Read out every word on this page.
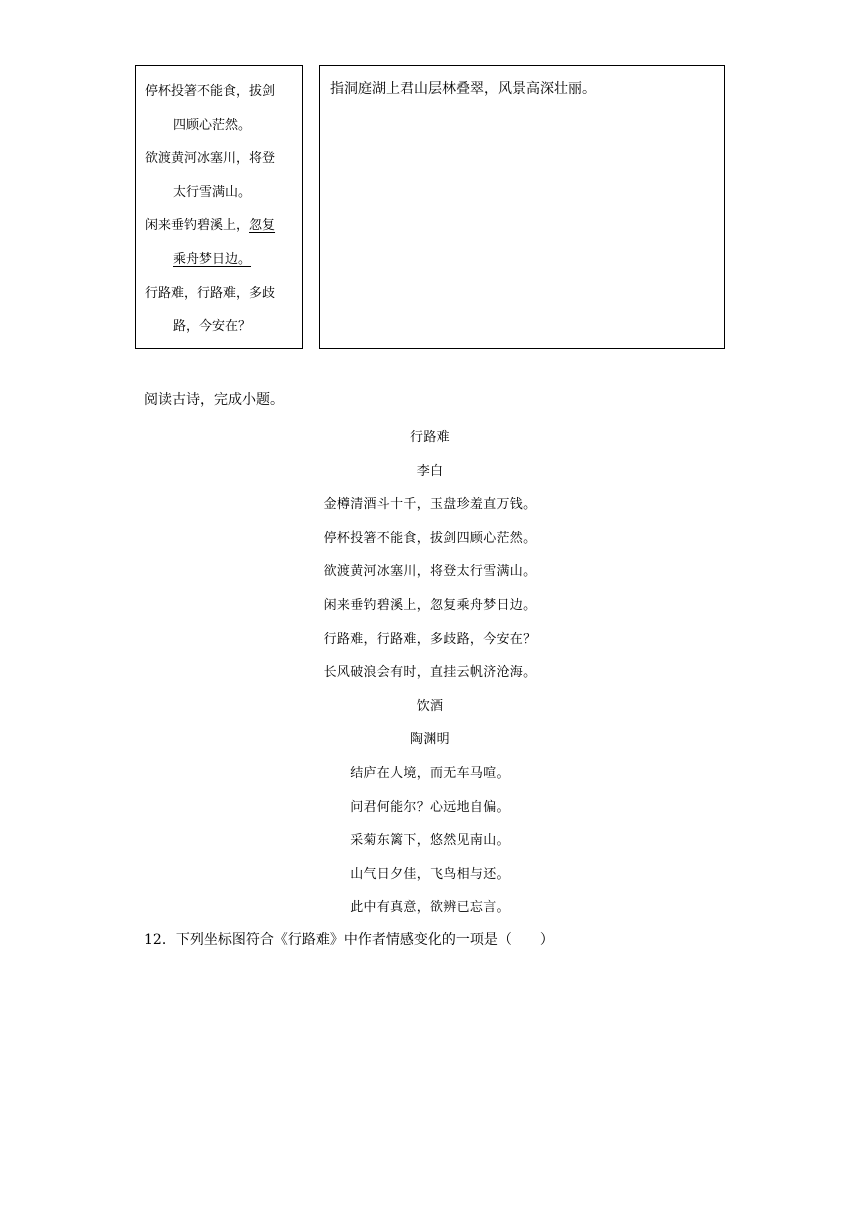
停杯投箸不能食，拔剑
四顾心茫然。
欲渡黄河冰塞川，将登
太行雪满山。
闲来垂钓碧溪上，忽复
乘舟梦日边。
行路难，行路难，多歧
路，今安在？
指洞庭湖上君山层林叠翠，风景高深壮丽。
阅读古诗，完成小题。
行路难
李白
金樽清酒斗十千，玉盘珍羞直万钱。
停杯投箸不能食，拔剑四顾心茫然。
欲渡黄河冰塞川，将登太行雪满山。
闲来垂钓碧溪上，忽复乘舟梦日边。
行路难，行路难，多歧路，今安在？
长风破浪会有时，直挂云帆济沧海。
饮酒
陶渊明
结庐在人境，而无车马喧。
问君何能尔？心远地自偏。
采菊东篱下，悠然见南山。
山气日夕佳，飞鸟相与还。
此中有真意，欲辨已忘言。
12．下列坐标图符合《行路难》中作者情感变化的一项是（　　）
